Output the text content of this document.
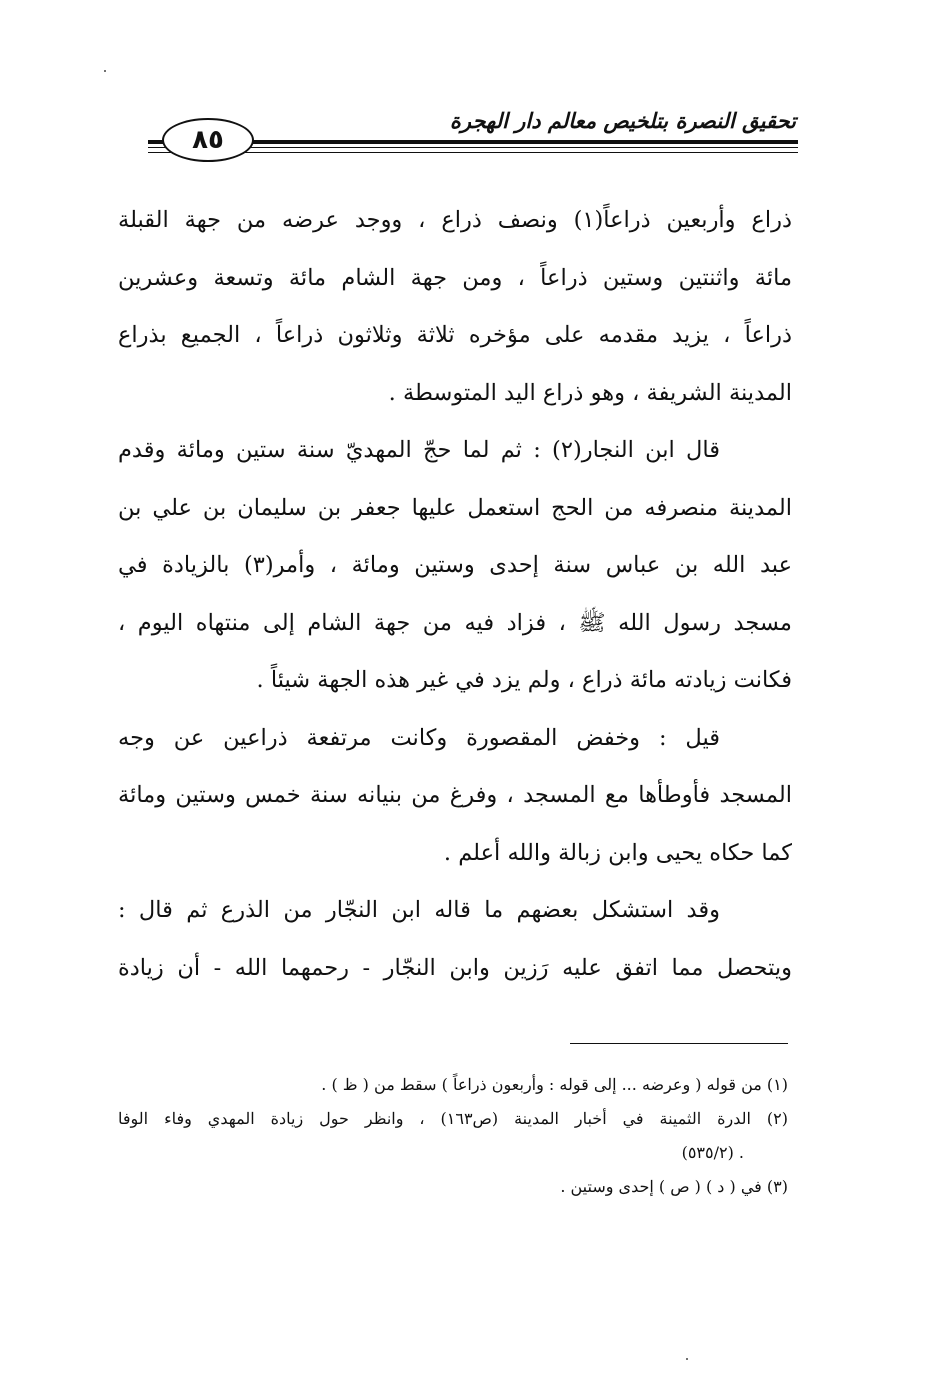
تحقيق النصرة بتلخيص معالم دار الهجرة
٨٥
ذراع وأربعين ذراعاً(١) ونصف ذراع ، ووجد عرضه من جهة القبلة
مائة واثنتين وستين ذراعاً ، ومن جهة الشام مائة وتسعة وعشرين
ذراعاً ، يزيد مقدمه على مؤخره ثلاثة وثلاثون ذراعاً ، الجميع بذراع
المدينة الشريفة ، وهو ذراع اليد المتوسطة .
قال ابن النجار(٢) : ثم لما حجّ المهديّ سنة ستين ومائة وقدم
المدينة منصرفه من الحج استعمل عليها جعفر بن سليمان بن علي بن
عبد الله بن عباس سنة إحدى وستين ومائة ، وأمر(٣) بالزيادة في
مسجد رسول الله ﷺ ، فزاد فيه من جهة الشام إلى منتهاه اليوم ،
فكانت زيادته مائة ذراع ، ولم يزد في غير هذه الجهة شيئاً .
قيل : وخفض المقصورة وكانت مرتفعة ذراعين عن وجه
المسجد فأوطأها مع المسجد ، وفرغ من بنيانه سنة خمس وستين ومائة
كما حكاه يحيى وابن زبالة والله أعلم .
وقد استشكل بعضهم ما قاله ابن النجّار من الذرع ثم قال :
ويتحصل مما اتفق عليه رَزين وابن النجّار - رحمهما الله - أن زيادة
(١) من قوله ( وعرضه ... إلى قوله : وأربعون ذراعاً ) سقط من ( ظ ) .
(٢) الدرة الثمينة في أخبار المدينة (ص١٦٣) ، وانظر حول زيادة المهدي وفاء الوفا
. (٥٣٥/٢)
(٣) في ( د ) ( ص ) إحدى وستين .
